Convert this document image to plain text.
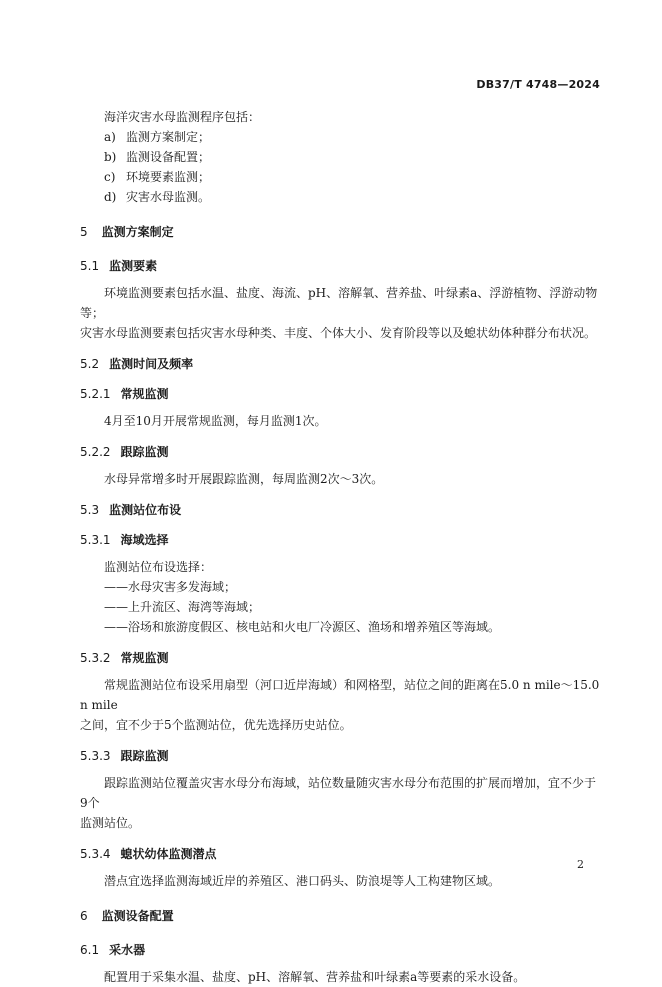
DB37/T 4748—2024

海洋灾害水母监测程序包括：

a) 监测方案制定；
b) 监测设备配置；
c) 环境要素监测；
d) 灾害水母监测。
5 监测方案制定
5.1 监测要素

环境监测要素包括水温、盐度、海流、pH、溶解氧、营养盐、叶绿素a、浮游植物、浮游动物等；

灾害水母监测要素包括灾害水母种类、丰度、个体大小、发育阶段等以及螅状幼体种群分布状况。

5.2 监测时间及频率
5.2.1 常规监测

4月至10月开展常规监测，每月监测1次。

5.2.2 跟踪监测

水母异常增多时开展跟踪监测，每周监测2次～3次。

5.3 监测站位布设
5.3.1 海域选择

监测站位布设选择：

——水母灾害多发海域；
——上升流区、海湾等海域；
——浴场和旅游度假区、核电站和火电厂冷源区、渔场和增养殖区等海域。
5.3.2 常规监测

常规监测站位布设采用扇型（河口近岸海域）和网格型，站位之间的距离在5.0 n mile～15.0 n mile

之间，宜不少于5个监测站位，优先选择历史站位。

5.3.3 跟踪监测

跟踪监测站位覆盖灾害水母分布海域，站位数量随灾害水母分布范围的扩展而增加，宜不少于9个

监测站位。

5.3.4 螅状幼体监测潜点

潜点宜选择监测海域近岸的养殖区、港口码头、防浪堤等人工构建物区域。

6 监测设备配置
6.1 采水器

配置用于采集水温、盐度、pH、溶解氧、营养盐和叶绿素a等要素的采水设备。

2
